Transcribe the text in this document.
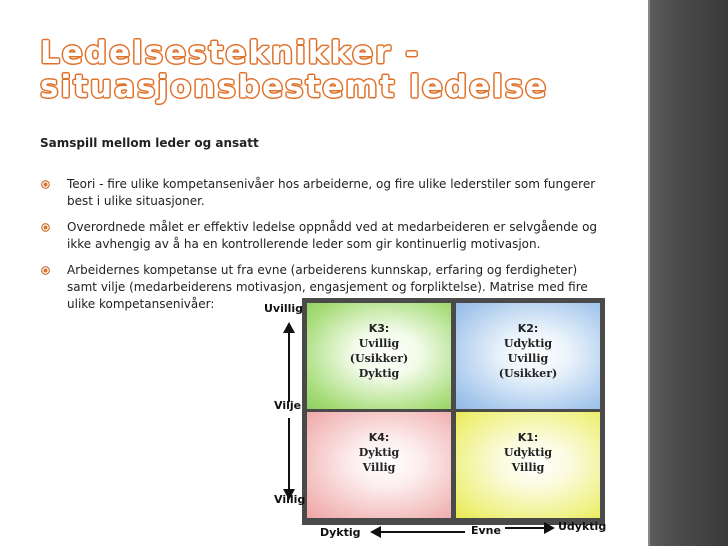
Ledelsesteknikker -
situasjonsbestemt ledelse
Samspill mellom leder og ansatt
Teori - fire ulike kompetansenivåer hos arbeiderne, og fire ulike lederstiler som fungerer best i ulike situasjoner.
Overordnede målet er effektiv ledelse oppnådd ved at medarbeideren er selvgående og ikke avhengig av å ha en kontrollerende leder som gir kontinuerlig motivasjon.
Arbeidernes kompetanse ut fra evne (arbeiderens kunnskap, erfaring og ferdigheter) samt vilje (medarbeiderens motivasjon, engasjement og forpliktelse). Matrise med fire ulike kompetansenivåer:
K3:
Uvillig
(Usikker)
Dyktig
K2:
Udyktig
Uvillig
(Usikker)
K4:
Dyktig
Villig
K1:
Udyktig
Villig
Uvillig
Vilje
Villig
Dyktig	Evne	Udyktig
